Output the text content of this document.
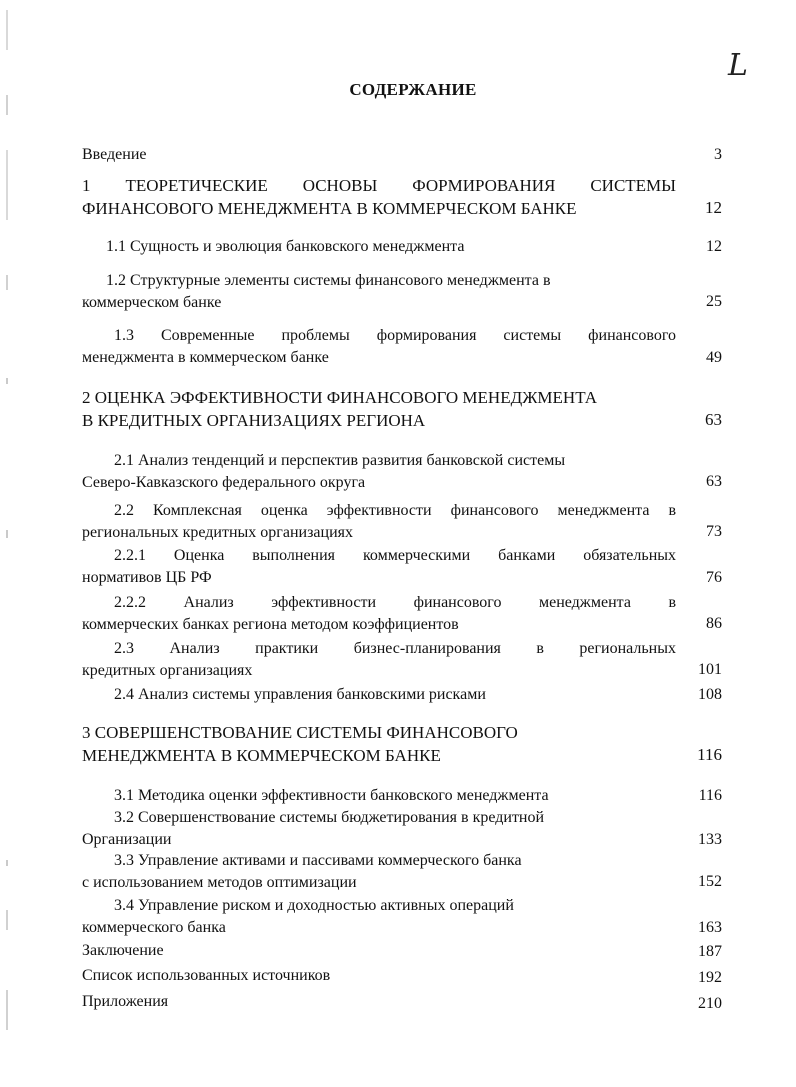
L
СОДЕРЖАНИЕ
Введение	3
1 ТЕОРЕТИЧЕСКИЕ ОСНОВЫ ФОРМИРОВАНИЯ СИСТЕМЫ
ФИНАНСОВОГО МЕНЕДЖМЕНТА В КОММЕРЧЕСКОМ БАНКЕ	12
1.1 Сущность и эволюция банковского менеджмента	12
1.2 Структурные элементы системы финансового менеджмента в
коммерческом банке	25
1.3 Современные проблемы формирования системы финансового
менеджмента в коммерческом банке	49
2 ОЦЕНКА ЭФФЕКТИВНОСТИ ФИНАНСОВОГО МЕНЕДЖМЕНТА
В КРЕДИТНЫХ ОРГАНИЗАЦИЯХ РЕГИОНА	63
2.1 Анализ тенденций и перспектив развития банковской системы
Северо-Кавказского федерального округа	63
2.2 Комплексная оценка эффективности финансового менеджмента в
региональных кредитных организациях	73
2.2.1 Оценка выполнения коммерческими банками обязательных
нормативов ЦБ РФ	76
2.2.2 Анализ эффективности финансового менеджмента в
коммерческих банках региона методом коэффициентов	86
2.3 Анализ практики бизнес-планирования в региональных
кредитных организациях	101
2.4 Анализ системы управления банковскими рисками	108
3 СОВЕРШЕНСТВОВАНИЕ СИСТЕМЫ ФИНАНСОВОГО
МЕНЕДЖМЕНТА В КОММЕРЧЕСКОМ БАНКЕ	116
3.1 Методика оценки эффективности банковского менеджмента	116
3.2 Совершенствование системы бюджетирования в кредитной
Организации	133
3.3 Управление активами и пассивами коммерческого банка
с использованием методов оптимизации	152
3.4 Управление риском и доходностью активных операций
коммерческого банка	163
Заключение	187
Список использованных источников	192
Приложения	210
